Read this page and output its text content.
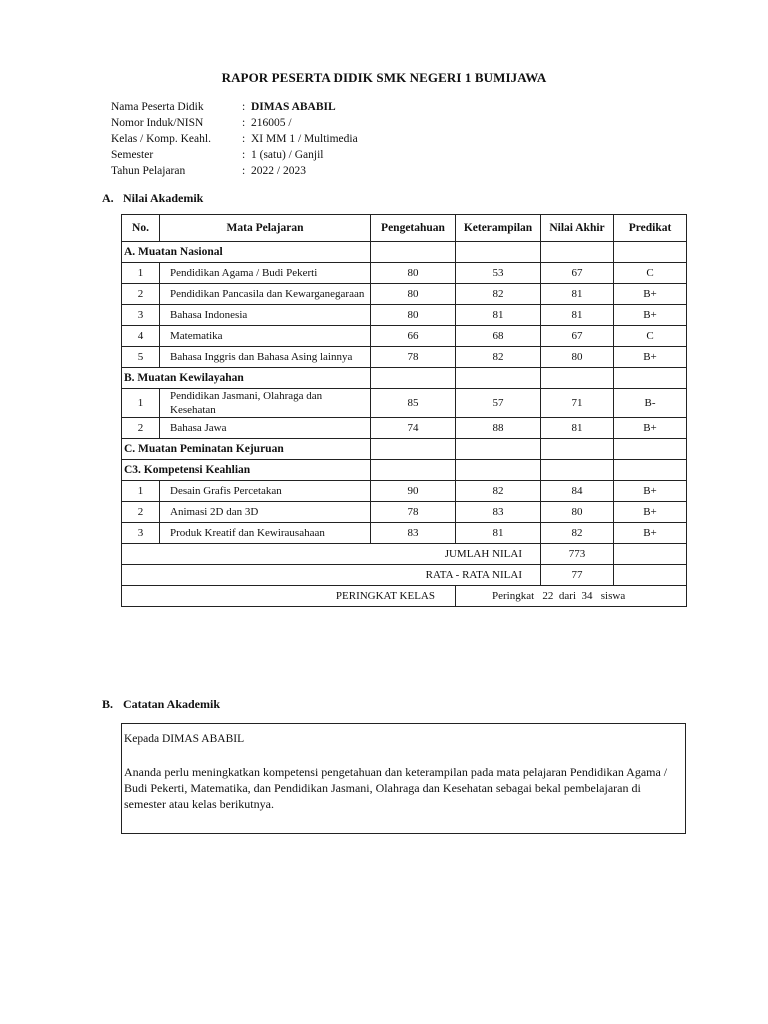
RAPOR PESERTA DIDIK SMK NEGERI 1 BUMIJAWA
Nama Peserta Didik	: DIMAS ABABIL
Nomor Induk/NISN	: 216005 /
Kelas / Komp. Keahl.	: XI MM 1 / Multimedia
Semester	: 1 (satu) / Ganjil
Tahun Pelajaran	: 2022 / 2023
A. Nilai Akademik
No.	Mata Pelajaran	Pengetahuan	Keterampilan	Nilai Akhir	Predikat
A. Muatan Nasional					
1	Pendidikan Agama / Budi Pekerti	80	53	67	C
2	Pendidikan Pancasila dan Kewarganegaraan	80	82	81	B+
3	Bahasa Indonesia	80	81	81	B+
4	Matematika	66	68	67	C
5	Bahasa Inggris dan Bahasa Asing lainnya	78	82	80	B+
B. Muatan Kewilayahan					
1	Pendidikan Jasmani, Olahraga dan Kesehatan	85	57	71	B-
2	Bahasa Jawa	74	88	81	B+
C. Muatan Peminatan Kejuruan					
C3. Kompetensi Keahlian					
1	Desain Grafis Percetakan	90	82	84	B+
2	Animasi 2D dan 3D	78	83	80	B+
3	Produk Kreatif dan Kewirausahaan	83	81	82	B+
JUMLAH NILAI				773	
RATA - RATA NILAI				77	
PERINGKAT KELAS			Peringkat   22  dari  34   siswa		
B. Catatan Akademik
Kepada DIMAS ABABIL
Ananda perlu meningkatkan kompetensi pengetahuan dan keterampilan pada mata pelajaran Pendidikan Agama / Budi Pekerti, Matematika, dan Pendidikan Jasmani, Olahraga dan Kesehatan sebagai bekal pembelajaran di semester atau kelas berikutnya.
